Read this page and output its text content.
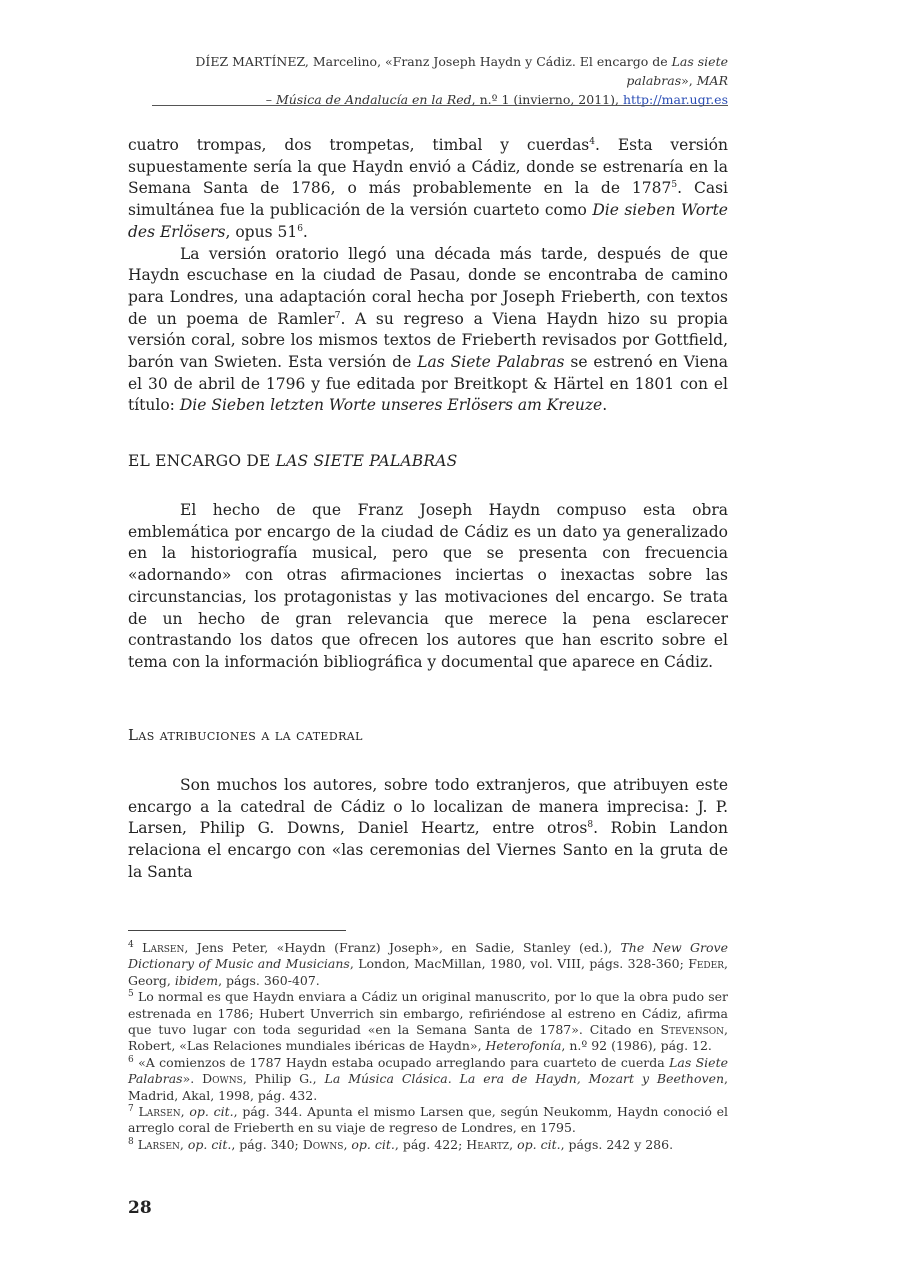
DÍEZ MARTÍNEZ, Marcelino, «Franz Joseph Haydn y Cádiz. El encargo de Las siete palabras», MAR
– Música de Andalucía en la Red, n.º 1 (invierno, 2011), http://mar.ugr.es

cuatro trompas, dos trompetas, timbal y cuerdas$^4$. Esta versión supuestamente sería la que Haydn envió a Cádiz, donde se estrenaría en la Semana Santa de 1786, o más probablemente en la de 1787$^5$. Casi simultánea fue la publicación de la versión cuarteto como Die sieben Worte des Erlösers, opus $51^6$.

La versión oratorio llegó una década más tarde, después de que Haydn escuchase en la ciudad de Pasau, donde se encontraba de camino para Londres, una adaptación coral hecha por Joseph Frieberth, con textos de un poema de Ramler$^7$. A su regreso a Viena Haydn hizo su propia versión coral, sobre los mismos textos de Frieberth revisados por Gottfield, barón van Swieten. Esta versión de Las Siete Palabras se estrenó en Viena el 30 de abril de 1796 y fue editada por Breitkopt & Härtel en 1801 con el título: Die Sieben letzten Worte unseres Erlösers am Kreuze.

EL ENCARGO DE LAS SIETE PALABRAS

El hecho de que Franz Joseph Haydn compuso esta obra emblemática por encargo de la ciudad de Cádiz es un dato ya generalizado en la historiografía musical, pero que se presenta con frecuencia «adornando» con otras afirmaciones inciertas o inexactas sobre las circunstancias, los protagonistas y las motivaciones del encargo. Se trata de un hecho de gran relevancia que merece la pena esclarecer contrastando los datos que ofrecen los autores que han escrito sobre el tema con la información bibliográfica y documental que aparece en Cádiz.

Las atribuciones a la catedral

Son muchos los autores, sobre todo extranjeros, que atribuyen este encargo a la catedral de Cádiz o lo localizan de manera imprecisa: J. P. Larsen, Philip G. Downs, Daniel Heartz, entre otros$^8$. Robin Landon relaciona el encargo con «las ceremonias del Viernes Santo en la gruta de la Santa

$^4$ Larsen, Jens Peter, «Haydn (Franz) Joseph», en Sadie, Stanley (ed.), The New Grove Dictionary of Music and Musicians, London, MacMillan, 1980, vol. VIII, págs. 328-360; Feder, Georg, ibidem, págs. 360-407.

$^5$ Lo normal es que Haydn enviara a Cádiz un original manuscrito, por lo que la obra pudo ser estrenada en 1786; Hubert Unverrich sin embargo, refiriéndose al estreno en Cádiz, afirma que tuvo lugar con toda seguridad «en la Semana Santa de 1787». Citado en Stevenson, Robert, «Las Relaciones mundiales ibéricas de Haydn», Heterofonía, n.º 92 (1986), pág. 12.

$^6$ «A comienzos de 1787 Haydn estaba ocupado arreglando para cuarteto de cuerda Las Siete Palabras». Downs, Philip G., La Música Clásica. La era de Haydn, Mozart y Beethoven, Madrid, Akal, 1998, pág. 432.

$^7$ Larsen, op. cit., pág. 344. Apunta el mismo Larsen que, según Neukomm, Haydn conoció el arreglo coral de Frieberth en su viaje de regreso de Londres, en 1795.

$^8$ Larsen, op. cit., pág. 340; Downs, op. cit., pág. 422; Heartz, op. cit., págs. 242 y 286.

28
